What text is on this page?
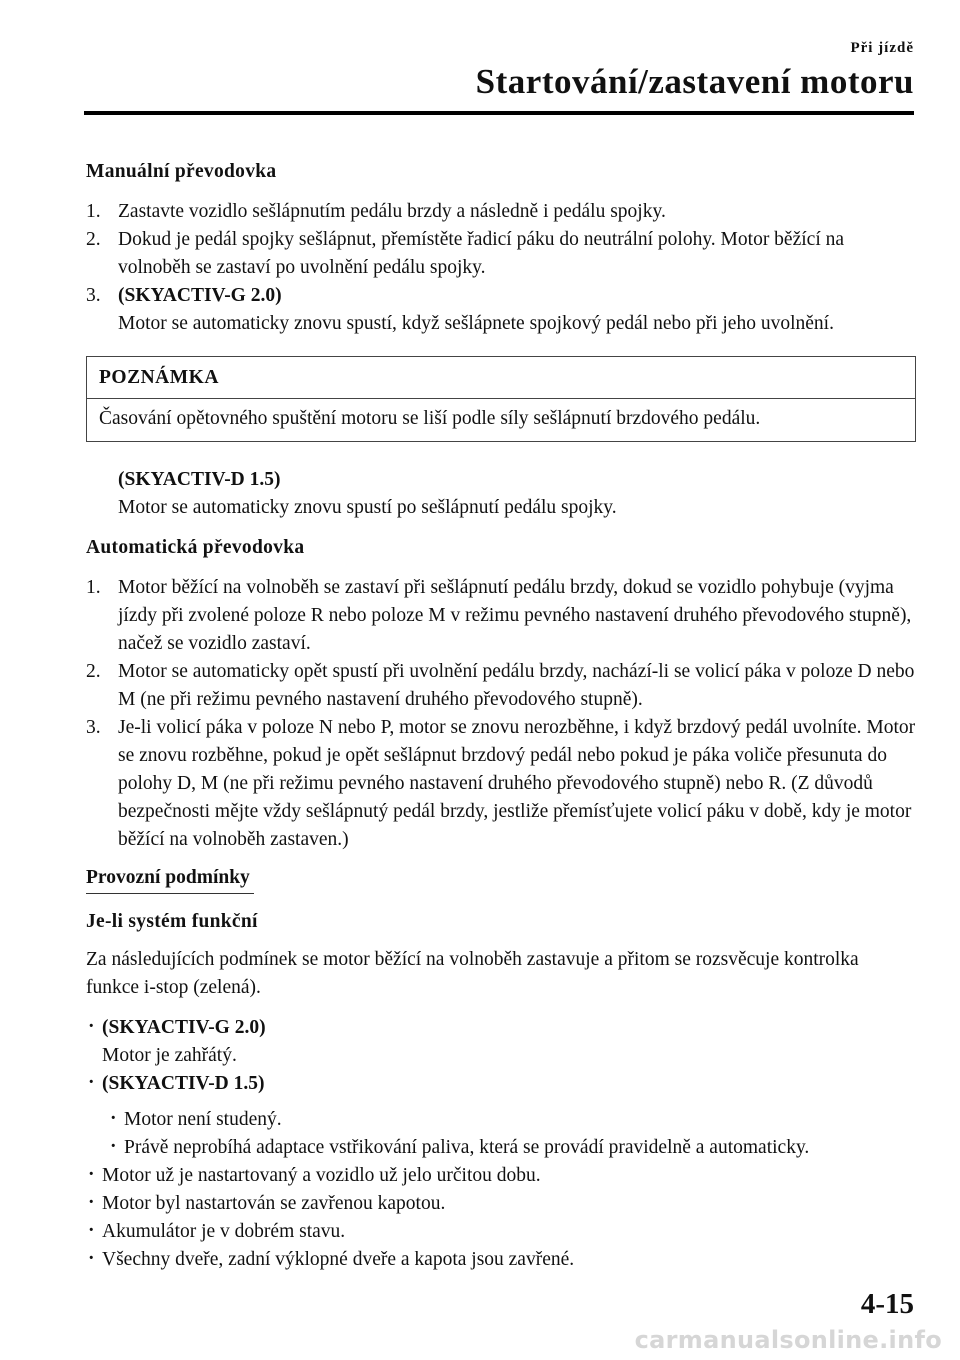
Při jízdě
Startování/zastavení motoru
Manuální převodovka
1. Zastavte vozidlo sešlápnutím pedálu brzdy a následně i pedálu spojky.
2. Dokud je pedál spojky sešlápnut, přemístěte řadicí páku do neutrální polohy. Motor běžící na volnoběh se zastaví po uvolnění pedálu spojky.
3. (SKYACTIV-G 2.0)
Motor se automaticky znovu spustí, když sešlápnete spojkový pedál nebo při jeho uvolnění.
POZNÁMKA
Časování opětovného spuštění motoru se liší podle síly sešlápnutí brzdového pedálu.
(SKYACTIV-D 1.5)
Motor se automaticky znovu spustí po sešlápnutí pedálu spojky.
Automatická převodovka
1. Motor běžící na volnoběh se zastaví při sešlápnutí pedálu brzdy, dokud se vozidlo pohybuje (vyjma jízdy při zvolené poloze R nebo poloze M v režimu pevného nastavení druhého převodového stupně), načež se vozidlo zastaví.
2. Motor se automaticky opět spustí při uvolnění pedálu brzdy, nachází-li se volicí páka v poloze D nebo M (ne při režimu pevného nastavení druhého převodového stupně).
3. Je-li volicí páka v poloze N nebo P, motor se znovu nerozběhne, i když brzdový pedál uvolníte. Motor se znovu rozběhne, pokud je opět sešlápnut brzdový pedál nebo pokud je páka voliče přesunuta do polohy D, M (ne při režimu pevného nastavení druhého převodového stupně) nebo R. (Z důvodů bezpečnosti mějte vždy sešlápnutý pedál brzdy, jestliže přemísťujete volicí páku v době, kdy je motor běžící na volnoběh zastaven.)
Provozní podmínky
Je-li systém funkční
Za následujících podmínek se motor běžící na volnoběh zastavuje a přitom se rozsvěcuje kontrolka funkce i-stop (zelená).
· (SKYACTIV-G 2.0)
Motor je zahřátý.
· (SKYACTIV-D 1.5)
· Motor není studený.
· Právě neprobíhá adaptace vstřikování paliva, která se provádí pravidelně a automaticky.
· Motor už je nastartovaný a vozidlo už jelo určitou dobu.
· Motor byl nastartován se zavřenou kapotou.
· Akumulátor je v dobrém stavu.
· Všechny dveře, zadní výklopné dveře a kapota jsou zavřené.
4-15
carmanualsonline.info
